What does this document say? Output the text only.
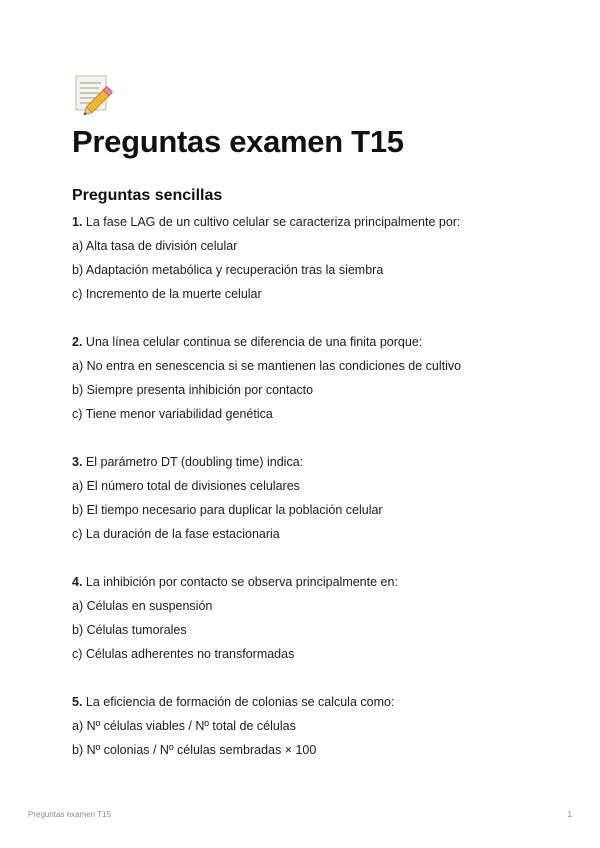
Preguntas examen T15
Preguntas sencillas
1. La fase LAG de un cultivo celular se caracteriza principalmente por:
a) Alta tasa de división celular
b) Adaptación metabólica y recuperación tras la siembra
c) Incremento de la muerte celular
2. Una línea celular continua se diferencia de una finita porque:
a) No entra en senescencia si se mantienen las condiciones de cultivo
b) Siempre presenta inhibición por contacto
c) Tiene menor variabilidad genética
3. El parámetro DT (doubling time) indica:
a) El número total de divisiones celulares
b) El tiempo necesario para duplicar la población celular
c) La duración de la fase estacionaria
4. La inhibición por contacto se observa principalmente en:
a) Células en suspensión
b) Células tumorales
c) Células adherentes no transformadas
5. La eficiencia de formación de colonias se calcula como:
a) Nº células viables / Nº total de células
b) Nº colonias / Nº células sembradas × 100
Preguntas examen T15	1
